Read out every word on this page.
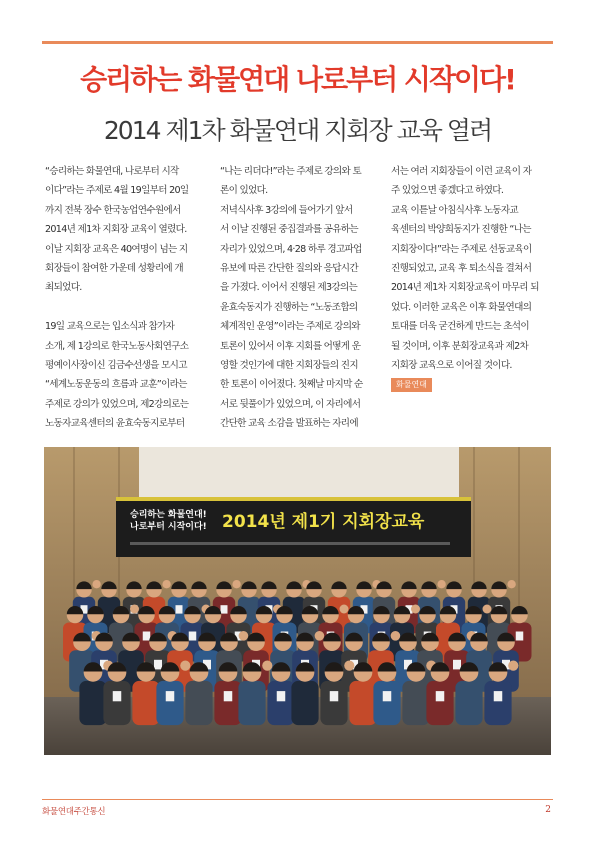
승리하는 화물연대 나로부터 시작이다!
2014 제1차 화물연대 지회장 교육 열려
“승리하는 화물연대, 나로부터 시작
이다”라는 주제로 4월 19일부터 20일
까지 전북 장수 한국농업연수원에서
2014년 제1차 지회장 교육이 열렸다.
이날 지회장 교육은 40여명이 넘는 지
회장들이 참여한 가운데 성황리에 개
최되었다.
19일 교육으로는 입소식과 참가자
소개, 제 1강의로 한국노동사회연구소
평예이사장이신 김금수선생을 모시고
“세계노동운동의 흐름과 교훈”이라는
주제로 강의가 있었으며, 제2강의로는
노동자교육센터의 윤효숙동지로부터
“나는 리더다!”라는 주제로 강의와 토
론이 있었다.
저녁식사후 3강의에 들어가기 앞서
서 이날 진행된 중집결과를 공유하는
자리가 있었으며, 4·28 하루 경고파업
유보에 따른 간단한 질의와 응답시간
을 가졌다. 이어서 진행된 제3강의는
윤효숙동지가 진행하는 “노동조합의
체계적인 운영”이라는 주제로 강의와
토론이 있어서 이후 지회를 어떻게 운
영할 것인가에 대한 지회장들의 진지
한 토론이 이어졌다. 첫째날 마지막 순
서로 뒷풀이가 있었으며, 이 자리에서
간단한 교육 소감을 발표하는 자리에
서는 여러 지회장들이 이런 교육이 자
주 있었으면 좋겠다고 하였다.
교육 이튿날 아침식사후 노동자교
육센터의 박양희동지가 진행한 “나는
지회장이다!”라는 주제로 선동교육이
진행되었고, 교육 후 퇴소식을 결쳐서
2014년 제1차 지회장교육이 마무리 되
었다. 이러한 교육은 이후 화물연대의
토대를 더욱 굳건하게 만드는 초석이
될 것이며, 이후 분회장교육과 제2차
지회장 교육으로 이어질 것이다.
화물연대
승리하는 화물연대!
나로부터 시작이다! 2014년 제1기 지회장교육
화물연대주간통신	2
